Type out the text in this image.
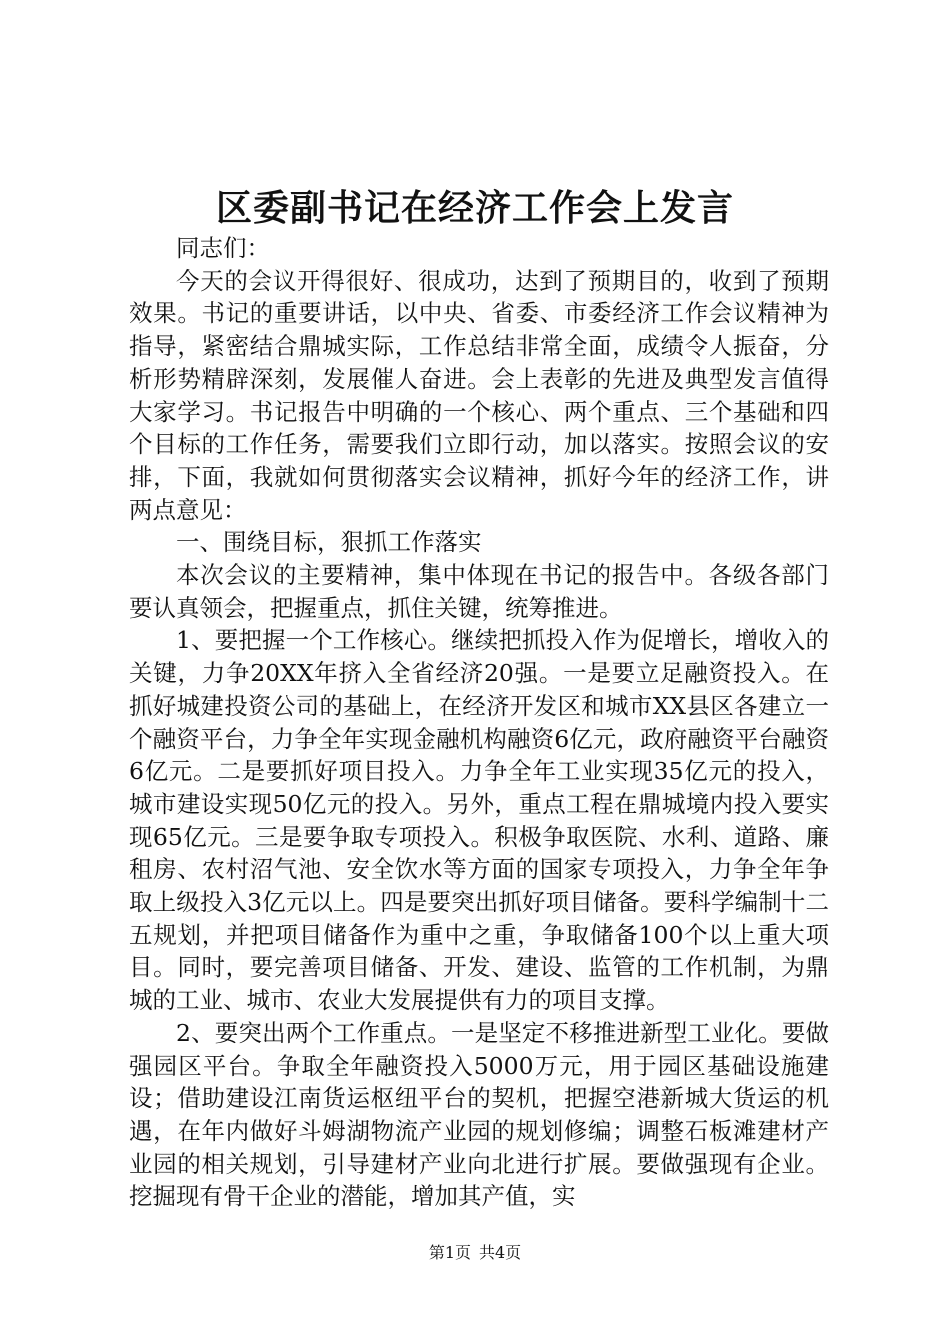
区委副书记在经济工作会上发言

同志们：

今天的会议开得很好、很成功，达到了预期目的，收到了预期效果。书记的重要讲话，以中央、省委、市委经济工作会议精神为指导，紧密结合鼎城实际，工作总结非常全面，成绩令人振奋，分析形势精辟深刻，发展催人奋进。会上表彰的先进及典型发言值得大家学习。书记报告中明确的一个核心、两个重点、三个基础和四个目标的工作任务，需要我们立即行动，加以落实。按照会议的安排，下面，我就如何贯彻落实会议精神，抓好今年的经济工作，讲两点意见：

一、围绕目标，狠抓工作落实

本次会议的主要精神，集中体现在书记的报告中。各级各部门要认真领会，把握重点，抓住关键，统筹推进。

1、要把握一个工作核心。继续把抓投入作为促增长，增收入的关键，力争20XX年挤入全省经济20强。一是要立足融资投入。在抓好城建投资公司的基础上，在经济开发区和城市XX县区各建立一个融资平台，力争全年实现金融机构融资6亿元，政府融资平台融资6亿元。二是要抓好项目投入。力争全年工业实现35亿元的投入，城市建设实现50亿元的投入。另外，重点工程在鼎城境内投入要实现65亿元。三是要争取专项投入。积极争取医院、水利、道路、廉租房、农村沼气池、安全饮水等方面的国家专项投入，力争全年争取上级投入3亿元以上。四是要突出抓好项目储备。要科学编制十二五规划，并把项目储备作为重中之重，争取储备100个以上重大项目。同时，要完善项目储备、开发、建设、监管的工作机制，为鼎城的工业、城市、农业大发展提供有力的项目支撑。

2、要突出两个工作重点。一是坚定不移推进新型工业化。要做强园区平台。争取全年融资投入5000万元，用于园区基础设施建设；借助建设江南货运枢纽平台的契机，把握空港新城大货运的机遇，在年内做好斗姆湖物流产业园的规划修编；调整石板滩建材产业园的相关规划，引导建材产业向北进行扩展。要做强现有企业。挖掘现有骨干企业的潜能，增加其产值，实

第1页 共4页
